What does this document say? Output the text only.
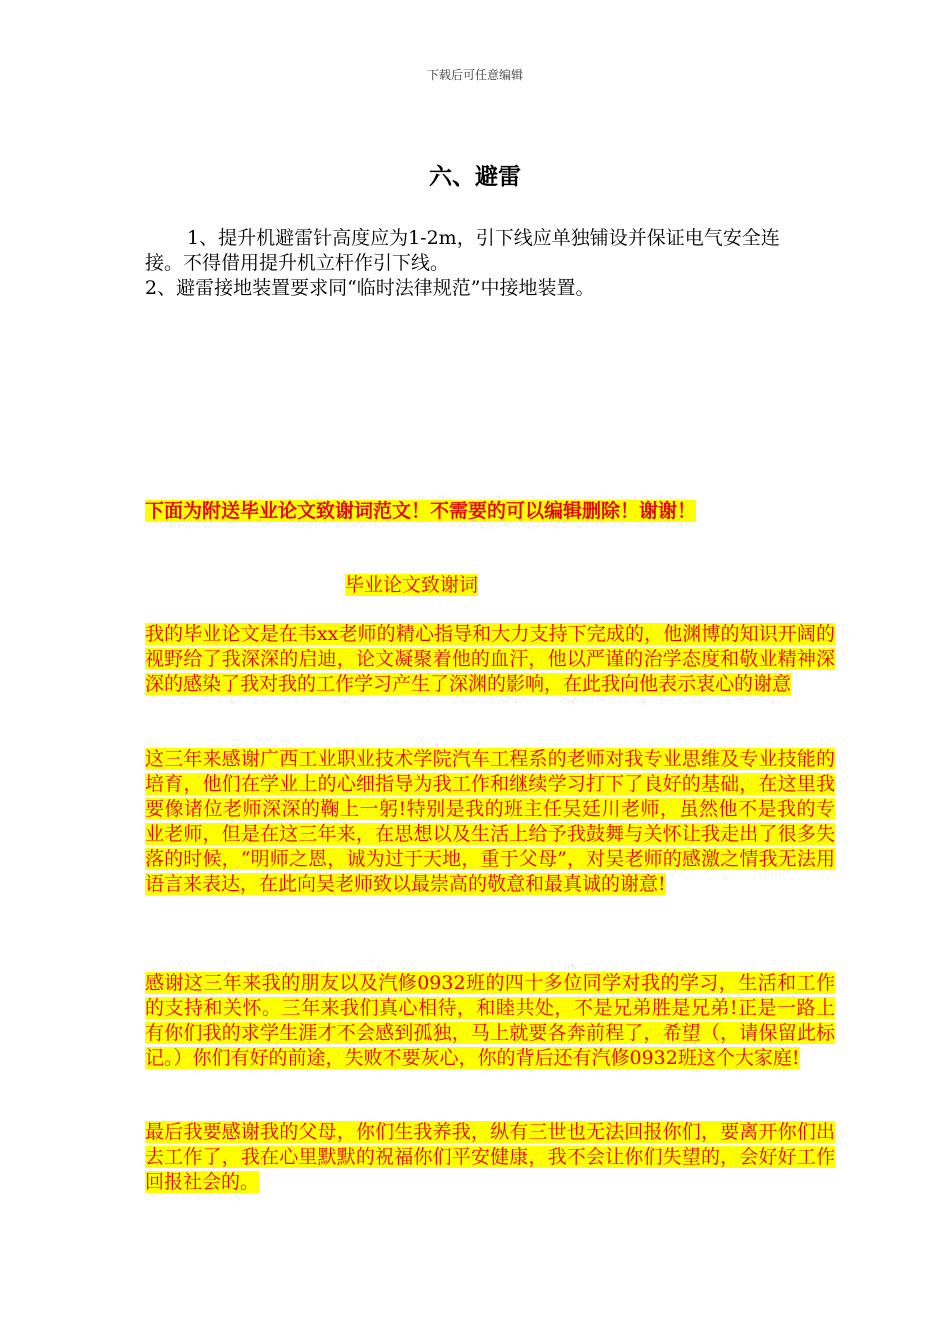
下载后可任意编辑
六、避雷
1、提升机避雷针高度应为1-2m，引下线应单独铺设并保证电气安全连接。不得借用提升机立杆作引下线。
2、避雷接地装置要求同“临时法律规范”中接地装置。
下面为附送毕业论文致谢词范文！不需要的可以编辑删除！谢谢！
毕业论文致谢词
我的毕业论文是在韦xx老师的精心指导和大力支持下完成的，他渊博的知识开阔的视野给了我深深的启迪，论文凝聚着他的血汗，他以严谨的治学态度和敬业精神深深的感染了我对我的工作学习产生了深渊的影响，在此我向他表示衷心的谢意
这三年来感谢广西工业职业技术学院汽车工程系的老师对我专业思维及专业技能的培育，他们在学业上的心细指导为我工作和继续学习打下了良好的基础，在这里我要像诸位老师深深的鞠上一躬!特别是我的班主任吴廷川老师，虽然他不是我的专业老师，但是在这三年来，在思想以及生活上给予我鼓舞与关怀让我走出了很多失落的时候，“明师之恩，诚为过于天地，重于父母”，对吴老师的感激之情我无法用语言来表达，在此向吴老师致以最崇高的敬意和最真诚的谢意!
感谢这三年来我的朋友以及汽修0932班的四十多位同学对我的学习，生活和工作的支持和关怀。三年来我们真心相待，和睦共处，不是兄弟胜是兄弟!正是一路上有你们我的求学生涯才不会感到孤独，马上就要各奔前程了，希望（，请保留此标记。）你们有好的前途，失败不要灰心，你的背后还有汽修0932班这个大家庭!
最后我要感谢我的父母，你们生我养我，纵有三世也无法回报你们，要离开你们出去工作了，我在心里默默的祝福你们平安健康，我不会让你们失望的，会好好工作回报社会的。
